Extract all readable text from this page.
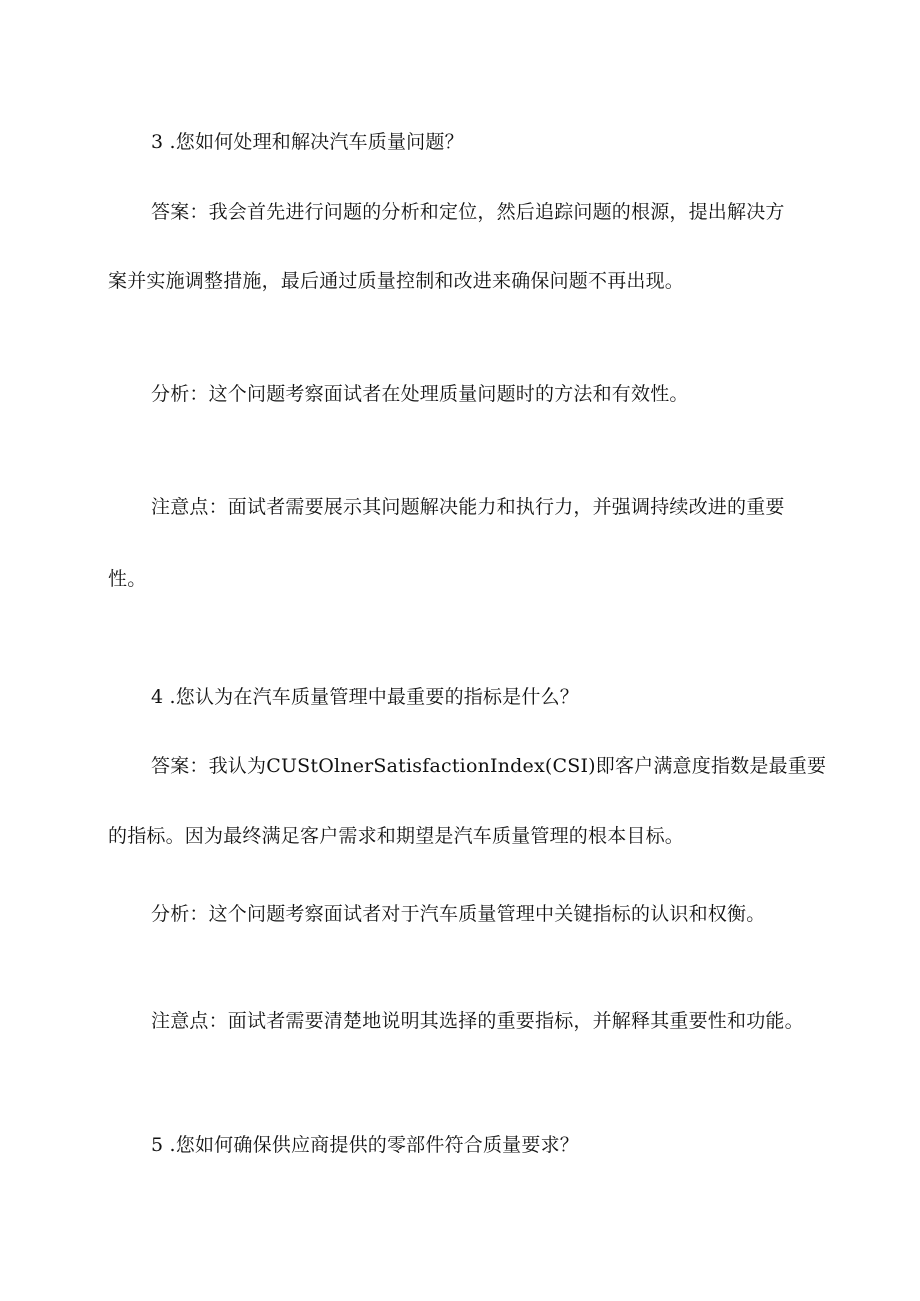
3 .您如何处理和解决汽车质量问题？
答案：我会首先进行问题的分析和定位，然后追踪问题的根源，提出解决方
案并实施调整措施，最后通过质量控制和改进来确保问题不再出现。
分析：这个问题考察面试者在处理质量问题时的方法和有效性。
注意点：面试者需要展示其问题解决能力和执行力，并强调持续改进的重要
性。
4 .您认为在汽车质量管理中最重要的指标是什么？
答案：我认为CUStOlnerSatisfactionIndex(CSI)即客户满意度指数是最重要
的指标。因为最终满足客户需求和期望是汽车质量管理的根本目标。
分析：这个问题考察面试者对于汽车质量管理中关键指标的认识和权衡。
注意点：面试者需要清楚地说明其选择的重要指标，并解释其重要性和功能。
5 .您如何确保供应商提供的零部件符合质量要求？
